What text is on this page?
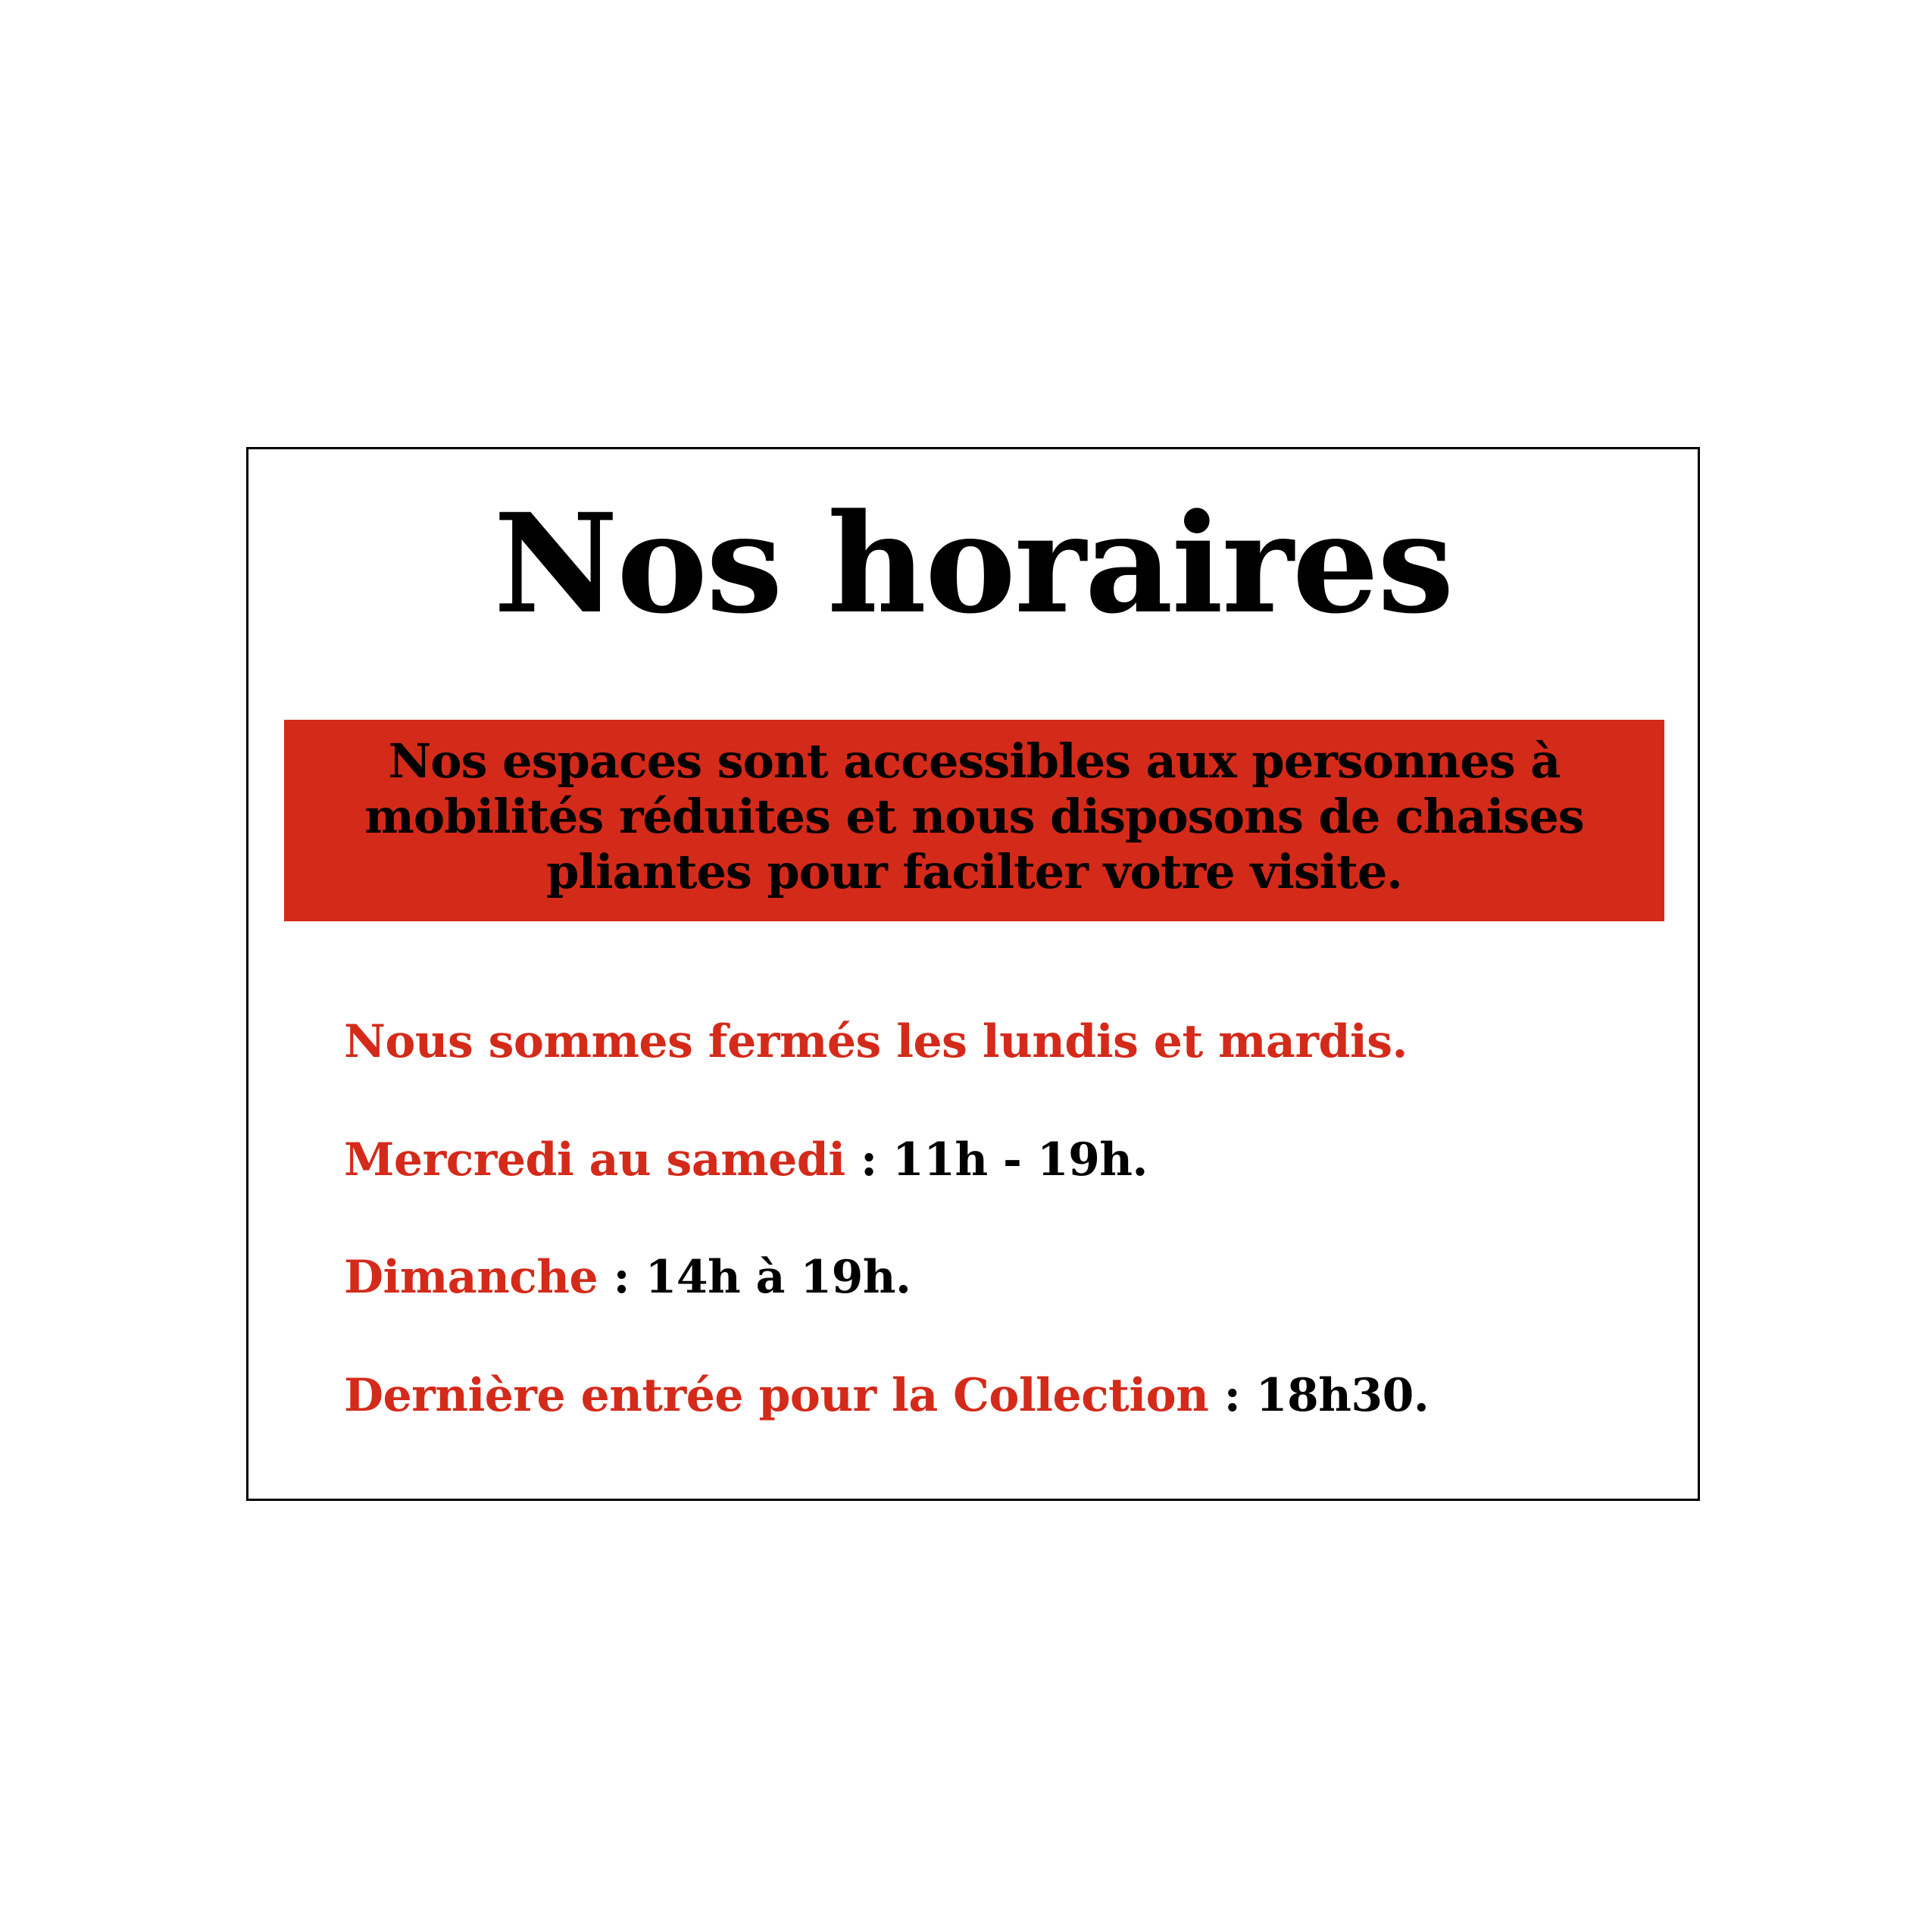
Nos horaires
Nos espaces sont accessibles aux personnes à mobilités réduites et nous disposons de chaises pliantes pour facilter votre visite.
Nous sommes fermés les lundis et mardis.
Mercredi au samedi : 11h - 19h.
Dimanche : 14h à 19h.
Dernière entrée pour la Collection : 18h30.
